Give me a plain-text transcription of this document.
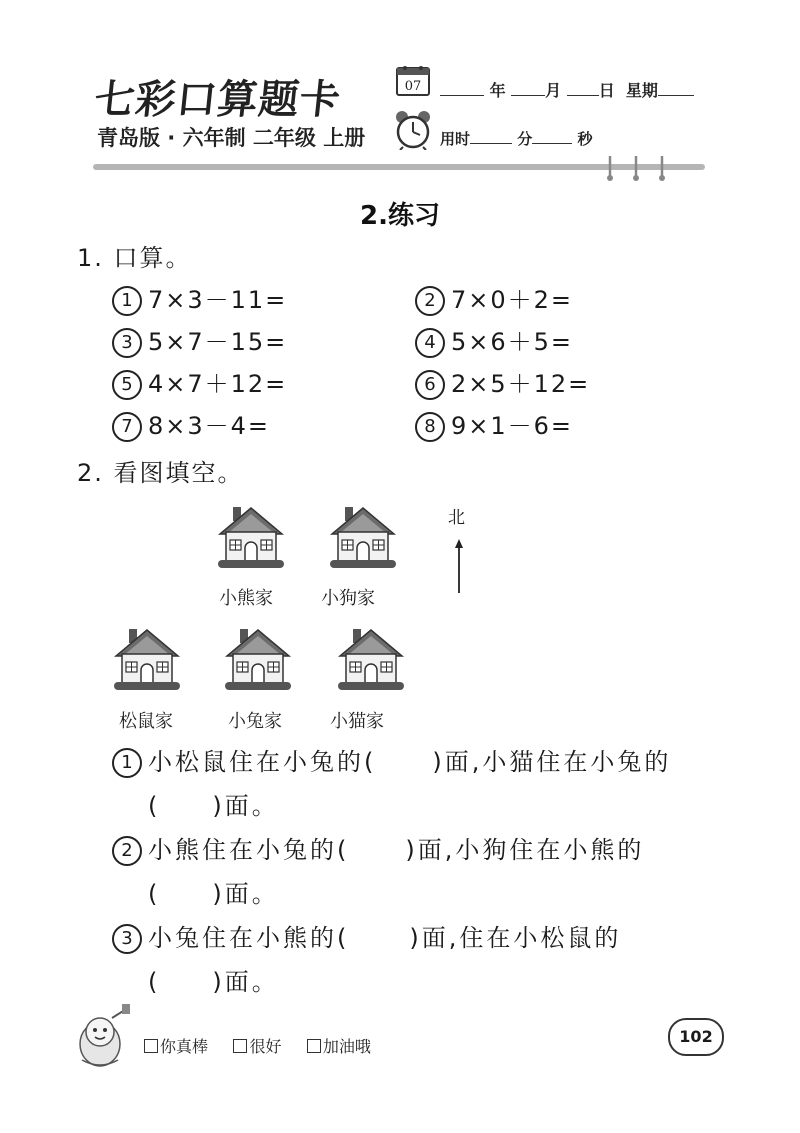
七彩口算题卡
青岛版 · 六年制 二年级 上册
07	年 月 日 星期
用时	分	秒
2.练习
1. 口算。
1 7×3－11=	2 7×0＋2=
3 5×7－15=	4 5×6＋5=
5 4×7＋12=	6 2×5＋12=
7 8×3－4=	8 9×1－6=
2. 看图填空。
小熊家	小狗家
北
松鼠家	小兔家	小猫家
1 小松鼠住在小兔的( )面,小猫住在小兔的
( )面。
2 小熊住在小兔的( )面,小狗住在小熊的
( )面。
3 小兔住在小熊的(	)面,住在小松鼠的
( )面。
你真棒	很好	加油哦
102
